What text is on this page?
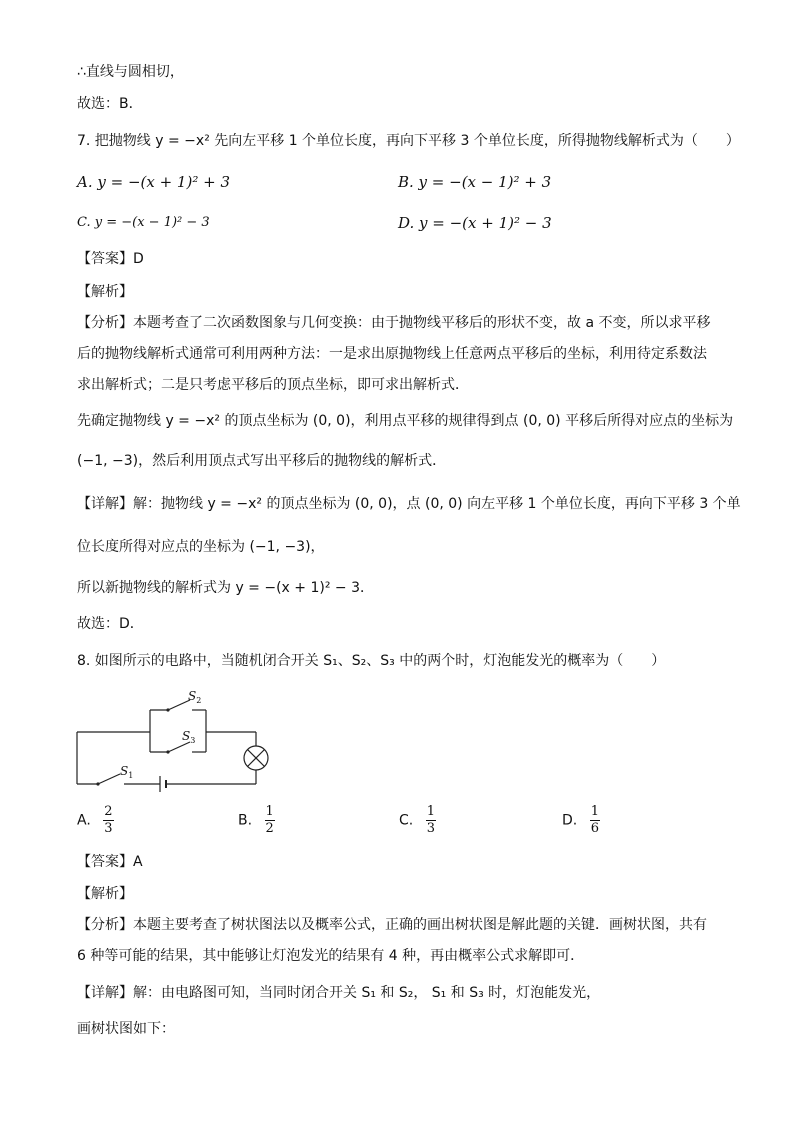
∴直线与圆相切，
故选：B．
7. 把抛物线 y = −x² 先向左平移 1 个单位长度，再向下平移 3 个单位长度，所得抛物线解析式为（　　）
A. y = −(x + 1)² + 3	B. y = −(x − 1)² + 3
C. y = −(x − 1)² − 3	D. y = −(x + 1)² − 3
【答案】D
【解析】
【分析】本题考查了二次函数图象与几何变换：由于抛物线平移后的形状不变，故 a 不变，所以求平移
后的抛物线解析式通常可利用两种方法：一是求出原抛物线上任意两点平移后的坐标，利用待定系数法
求出解析式；二是只考虑平移后的顶点坐标，即可求出解析式．
先确定抛物线 y = −x² 的顶点坐标为 (0, 0)，利用点平移的规律得到点 (0, 0) 平移后所得对应点的坐标为
(−1, −3)，然后利用顶点式写出平移后的抛物线的解析式．
【详解】解：抛物线 y = −x² 的顶点坐标为 (0, 0)，点 (0, 0) 向左平移 1 个单位长度，再向下平移 3 个单
位长度所得对应点的坐标为 (−1, −3)，
所以新抛物线的解析式为 y = −(x + 1)² − 3．
故选：D．
8. 如图所示的电路中，当随机闭合开关 S₁、S₂、S₃ 中的两个时，灯泡能发光的概率为（　　）
$S_2$
$S_3$
$S_1$
A. $\frac{2}{3}$	B. $\frac{1}{2}$	C. $\frac{1}{3}$	D. $\frac{1}{6}$
【答案】A
【解析】
【分析】本题主要考查了树状图法以及概率公式，正确的画出树状图是解此题的关键．画树状图，共有
6 种等可能的结果，其中能够让灯泡发光的结果有 4 种，再由概率公式求解即可．
【详解】解：由电路图可知，当同时闭合开关 S₁ 和 S₂， S₁ 和 S₃ 时，灯泡能发光，
画树状图如下：
